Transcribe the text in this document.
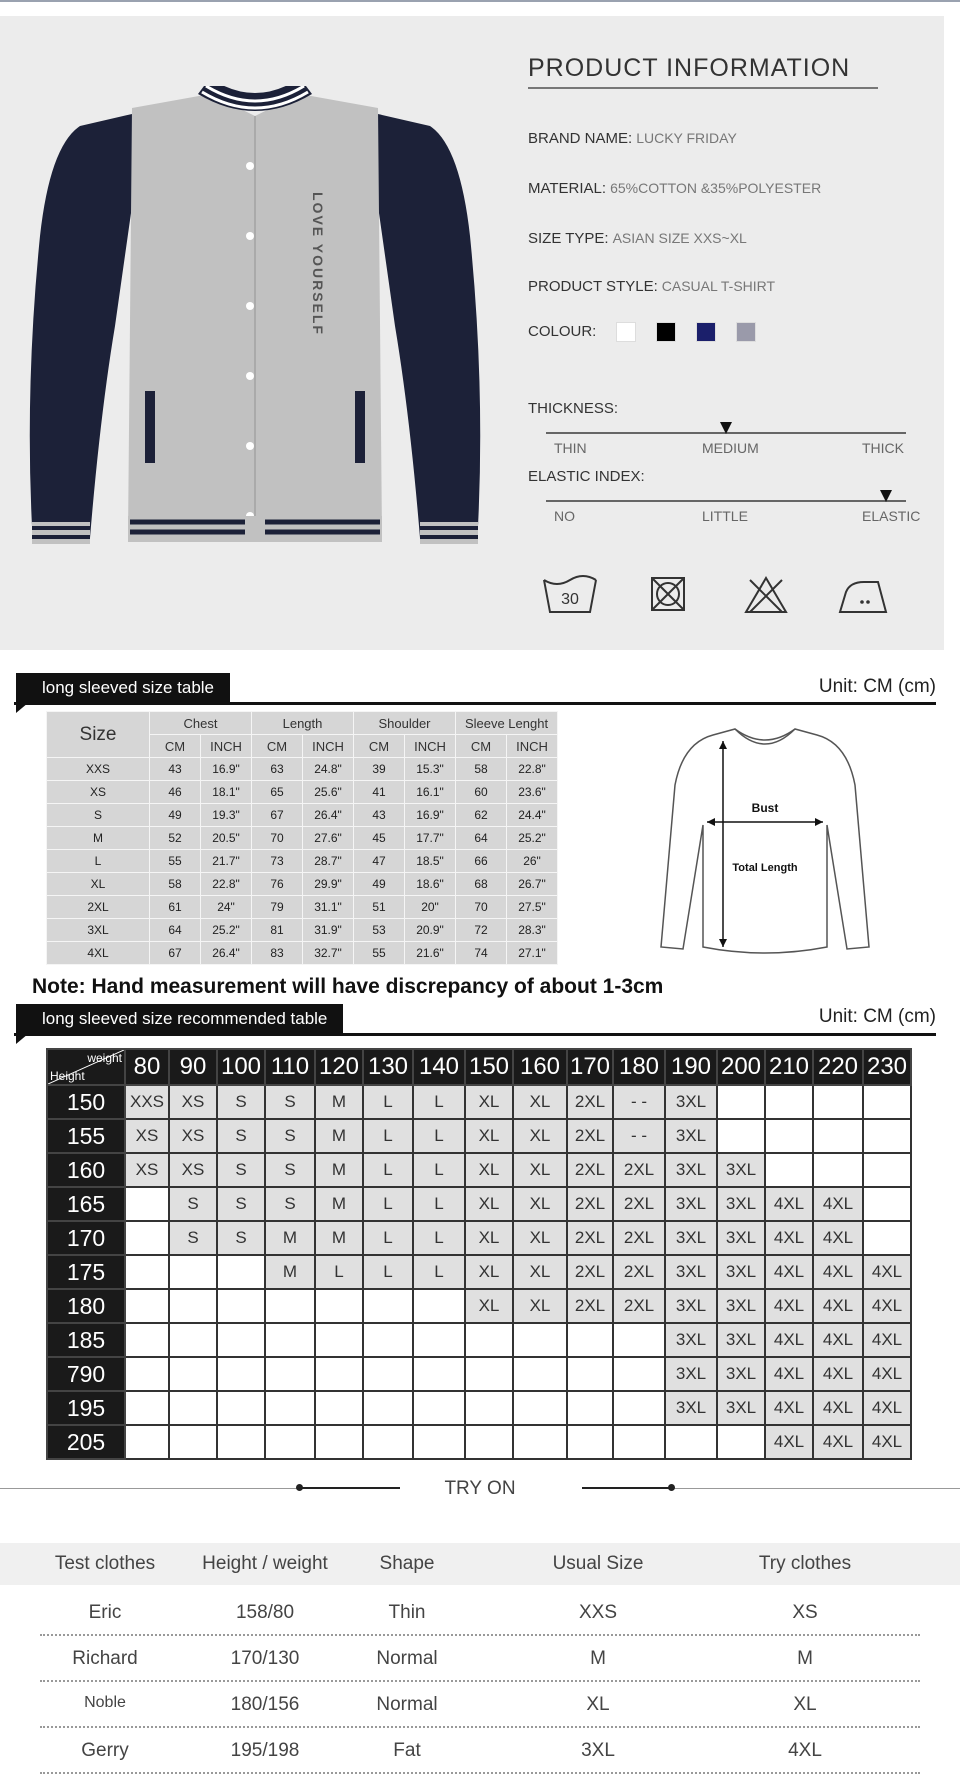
LOVE YOURSELF
PRODUCT INFORMATION
BRAND NAME: LUCKY FRIDAY
MATERIAL: 65%COTTON &35%POLYESTER
SIZE TYPE: ASIAN SIZE XXS~XL
PRODUCT STYLE: CASUAL T-SHIRT
COLOUR:
THICKNESS:
THIN	MEDIUM	THICK
ELASTIC INDEX:
NO	LITTLE	ELASTIC
30
long sleeved size table	Unit: CM (cm)
Size	Chest		Length		Shoulder		Sleeve Lenght	
	CM	INCH	CM	INCH	CM	INCH	CM	INCH
XXS	43	16.9"	63	24.8"	39	15.3"	58	22.8"
XS	46	18.1"	65	25.6"	41	16.1"	60	23.6"
S	49	19.3"	67	26.4"	43	16.9"	62	24.4"
M	52	20.5"	70	27.6"	45	17.7"	64	25.2"
L	55	21.7"	73	28.7"	47	18.5"	66	26"
XL	58	22.8"	76	29.9"	49	18.6"	68	26.7"
2XL	61	24"	79	31.1"	51	20"	70	27.5"
3XL	64	25.2"	81	31.9"	53	20.9"	72	28.3"
4XL	67	26.4"	83	32.7"	55	21.6"	74	27.1"
Bust
Total Length
Note: Hand measurement will have discrepancy of about 1-3cm
long sleeved size recommended table	Unit: CM (cm)
weight
Height	80	90	100	110	120	130	140	150	160	170	180	190	200	210	220	230
150	XXS	XS	S	S	M	L	L	XL	XL	2XL	- -	3XL				
155	XS	XS	S	S	M	L	L	XL	XL	2XL	- -	3XL				
160	XS	XS	S	S	M	L	L	XL	XL	2XL	2XL	3XL	3XL			
165		S	S	S	M	L	L	XL	XL	2XL	2XL	3XL	3XL	4XL	4XL	
170		S	S	M	M	L	L	XL	XL	2XL	2XL	3XL	3XL	4XL	4XL	
175				M	L	L	L	XL	XL	2XL	2XL	3XL	3XL	4XL	4XL	4XL
180								XL	XL	2XL	2XL	3XL	3XL	4XL	4XL	4XL
185												3XL	3XL	4XL	4XL	4XL
790												3XL	3XL	4XL	4XL	4XL
195												3XL	3XL	4XL	4XL	4XL
205														4XL	4XL	4XL
TRY ON
Test clothes	Height / weight	Shape	Usual Size	Try clothes
Eric	158/80	Thin	XXS	XS
Richard	170/130	Normal	M	M
Noble	180/156	Normal	XL	XL
Gerry	195/198	Fat	3XL	4XL
